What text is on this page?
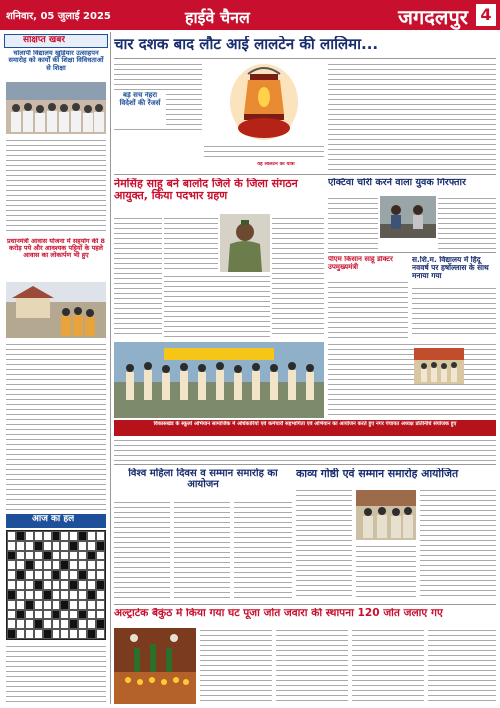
शनिवार, 05 जुलाई 2025	हाईवे चैनल	जगदलपुर 4
संक्षिप्त खबरें
चोलापी विद्यालय खुड़ियार उत्साहपन समारोह को कार्यों की शिक्षा विविधताओं से शिक्षा
प्रधानमंत्री आवास योजना में सहयोग की 8 करोड़ पये और आवश्यक पट्टियों के पहले आवास का लोकार्पण भी हुए
आज का हल
चार दशक बाद लौट आई लालटेन की लालिमा...
बड़े सच नेहरा विदेशों की रेंजर्स
वह लालटेन की यात्रा
नेमसिंह साहू बने बालोद जिले के जिला संगठन आयुक्त, किया पदभार ग्रहण
एक्टिवा चोरी करने वाला युवक गिरफ्तार
पीएम किसान साहू डॉक्टर उपमुख्यमंत्री
स.शि.म. विद्यालय में हिंदू नववर्ष पर हर्षोल्लास के साथ मनाया गया
विकासखंड के स्कूलो अभियान सामाजिक में अधिकारियों एवं कर्मचारी सहभागिता एवं अभियान का आयोजन करते हुए नगर पंचायत अध्यक्ष प्रतिनिधि संयोजक हुए
विश्व महिला दिवस व सम्मान समारोह का आयोजन
काव्य गोष्ठी एवं सम्मान समारोह आयोजित
अल्ट्राटेक बैकुंठ में किया गया घट पूजा जोत जवारा की स्थापना 120 जोत जलाए गए
